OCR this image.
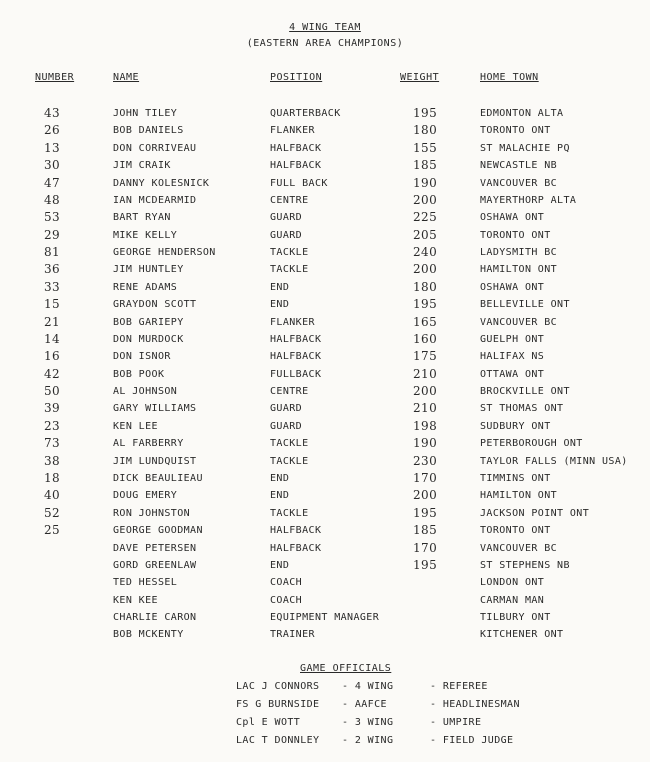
4 WING TEAM
(EASTERN AREA CHAMPIONS)
NUMBER	NAME	POSITION	WEIGHT	HOME TOWN
43	JOHN TILEY	QUARTERBACK	195	EDMONTON ALTA
26	BOB DANIELS	FLANKER	180	TORONTO ONT
13	DON CORRIVEAU	HALFBACK	155	ST MALACHIE PQ
30	JIM CRAIK	HALFBACK	185	NEWCASTLE NB
47	DANNY KOLESNICK	FULL BACK	190	VANCOUVER BC
48	IAN MCDEARMID	CENTRE	200	MAYERTHORP ALTA
53	BART RYAN	GUARD	225	OSHAWA ONT
29	MIKE KELLY	GUARD	205	TORONTO ONT
81	GEORGE HENDERSON	TACKLE	240	LADYSMITH BC
36	JIM HUNTLEY	TACKLE	200	HAMILTON ONT
33	RENE ADAMS	END	180	OSHAWA ONT
15	GRAYDON SCOTT	END	195	BELLEVILLE ONT
21	BOB GARIEPY	FLANKER	165	VANCOUVER BC
14	DON MURDOCK	HALFBACK	160	GUELPH ONT
16	DON ISNOR	HALFBACK	175	HALIFAX NS
42	BOB POOK	FULLBACK	210	OTTAWA ONT
50	AL JOHNSON	CENTRE	200	BROCKVILLE ONT
39	GARY WILLIAMS	GUARD	210	ST THOMAS ONT
23	KEN LEE	GUARD	198	SUDBURY ONT
73	AL FARBERRY	TACKLE	190	PETERBOROUGH ONT
38	JIM LUNDQUIST	TACKLE	230	TAYLOR FALLS (MINN USA)
18	DICK BEAULIEAU	END	170	TIMMINS ONT
40	DOUG EMERY	END	200	HAMILTON ONT
52	RON JOHNSTON	TACKLE	195	JACKSON POINT ONT
25	GEORGE GOODMAN	HALFBACK	185	TORONTO ONT
DAVE PETERSEN	HALFBACK	170	VANCOUVER BC
GORD GREENLAW	END	195	ST STEPHENS NB
TED HESSEL	COACH	LONDON ONT
KEN KEE	COACH	CARMAN MAN
CHARLIE CARON	EQUIPMENT MANAGER	TILBURY ONT
BOB MCKENTY	TRAINER	KITCHENER ONT
GAME OFFICIALS
LAC J CONNORS - 4 WING	- REFEREE
FS G BURNSIDE - AAFCE	- HEADLINESMAN
Cpl E WOTT	- 3 WING	- UMPIRE
LAC T DONNLEY - 2 WING	- FIELD JUDGE
